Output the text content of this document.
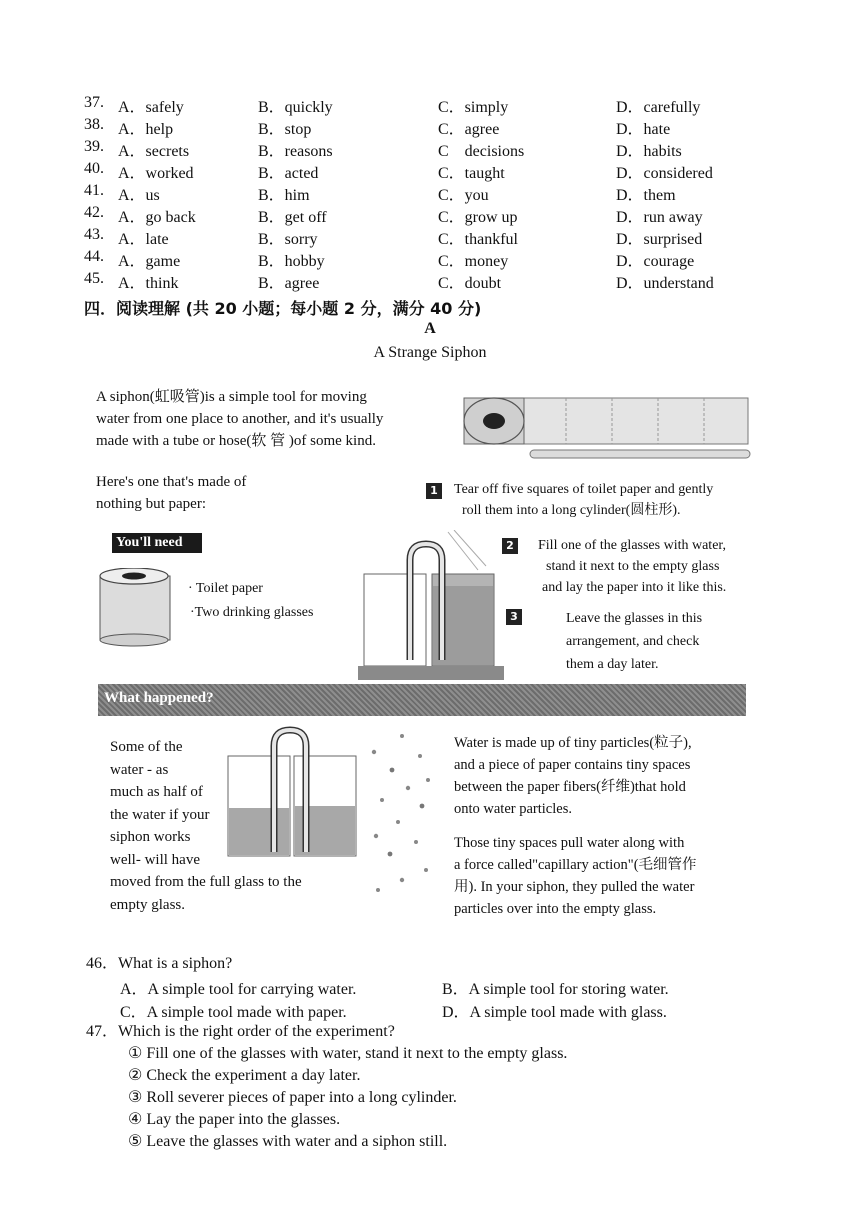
37. A．safely	B．quickly	C．simply	D．carefully
38. A．help	B．stop	C．agree	D．hate
39. A．secrets	B．reasons	C　decisions	D．habits
40. A．worked	B．acted	C．taught	D．considered
41. A．us	B．him	C．you	D．them
42. A．go back	B．get off	C．grow up	D．run away
43. A．late	B．sorry	C．thankful	D．surprised
44. A．game	B．hobby	C．money	D．courage
45. A．think	B．agree	C．doubt	D．understand
四．阅读理解 (共 20 小题；每小题 2 分，满分 40 分)
A
A Strange Siphon
A siphon(虹吸管)is a simple tool for moving
water from one place to another, and it's usually
made with a tube or hose(软 管 )of some kind.
Here's one that's made of
nothing but paper:
1 Tear off five squares of toilet paper and gently
roll them into a long cylinder(圆柱形).
You'll need
· Toilet paper
·Two drinking glasses
2	Fill one of the glasses with water,
stand it next to the empty glass
and lay the paper into it like this.
3	Leave the glasses in this
arrangement, and check
them a day later.
What happened?
Some of the
water - as
much as half of
the water if your
siphon works
well- will have
moved from the full glass to the
empty glass.
Water is made up of tiny particles(粒子),
and a piece of paper contains tiny spaces
between the paper fibers(纤维)that hold
onto water particles.
Those tiny spaces pull water along with
a force called"capillary action"(毛细管作
用). In your siphon, they pulled the water
particles over into the empty glass.
46．What is a siphon?
A．A simple tool for carrying water.	B．A simple tool for storing water.
C．A simple tool made with paper.	D．A simple tool made with glass.
47．Which is the right order of the experiment?
① Fill one of the glasses with water, stand it next to the empty glass.
② Check the experiment a day later.
③ Roll severer pieces of paper into a long cylinder.
④ Lay the paper into the glasses.
⑤ Leave the glasses with water and a siphon still.
